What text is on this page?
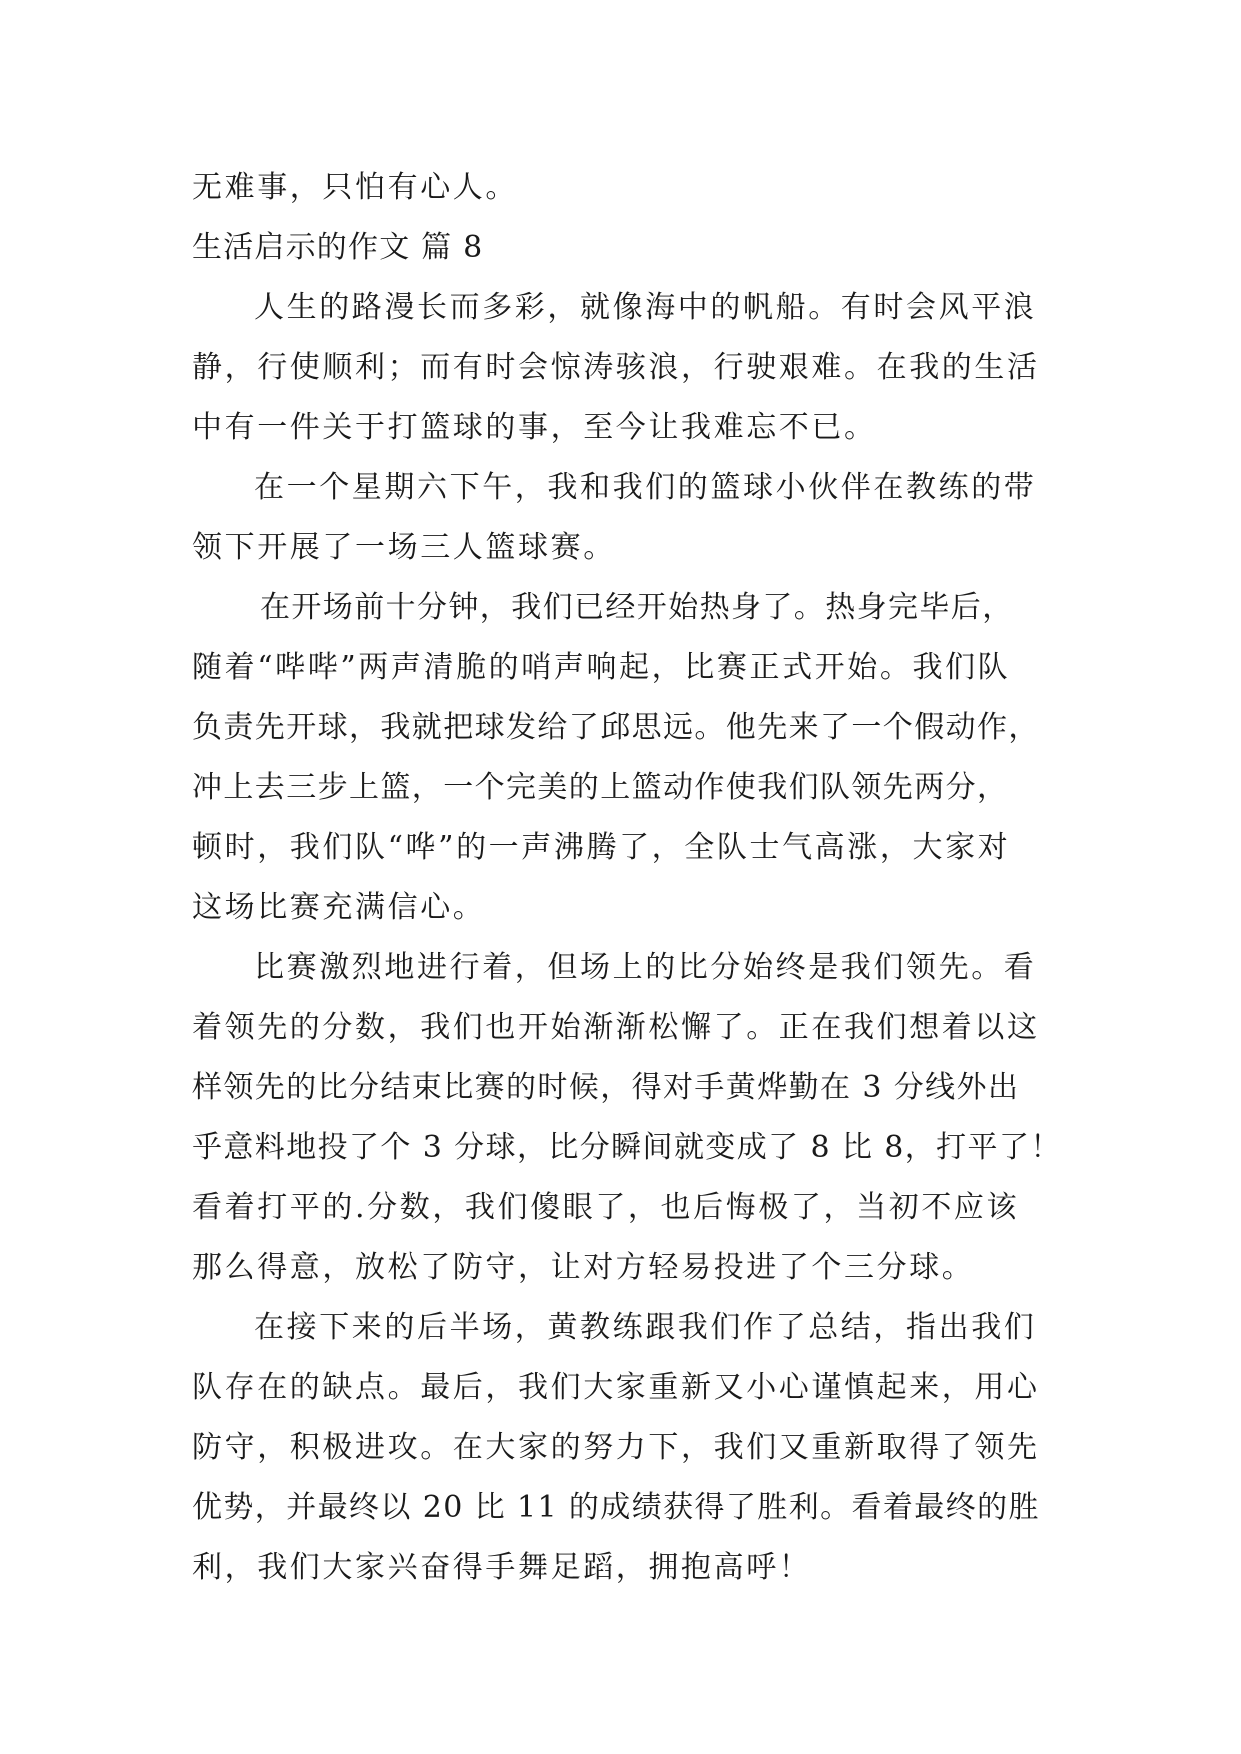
无难事，只怕有心人。
生活启示的作文 篇 8
人生的路漫长而多彩，就像海中的帆船。有时会风平浪
静，行使顺利；而有时会惊涛骇浪，行驶艰难。在我的生活
中有一件关于打篮球的事，至今让我难忘不已。
在一个星期六下午，我和我们的篮球小伙伴在教练的带
领下开展了一场三人篮球赛。
在开场前十分钟，我们已经开始热身了。热身完毕后，
随着“哔哔”两声清脆的哨声响起，比赛正式开始。我们队
负责先开球，我就把球发给了邱思远。他先来了一个假动作，
冲上去三步上篮，一个完美的上篮动作使我们队领先两分，
顿时，我们队“哗”的一声沸腾了，全队士气高涨，大家对
这场比赛充满信心。
比赛激烈地进行着，但场上的比分始终是我们领先。看
着领先的分数，我们也开始渐渐松懈了。正在我们想着以这
样领先的比分结束比赛的时候，得对手黄烨勤在 3 分线外出
乎意料地投了个 3 分球，比分瞬间就变成了 8 比 8，打平了！
看着打平的.分数，我们傻眼了，也后悔极了，当初不应该
那么得意，放松了防守，让对方轻易投进了个三分球。
在接下来的后半场，黄教练跟我们作了总结，指出我们
队存在的缺点。最后，我们大家重新又小心谨慎起来，用心
防守，积极进攻。在大家的努力下，我们又重新取得了领先
优势，并最终以 20 比 11 的成绩获得了胜利。看着最终的胜
利，我们大家兴奋得手舞足蹈，拥抱高呼！
